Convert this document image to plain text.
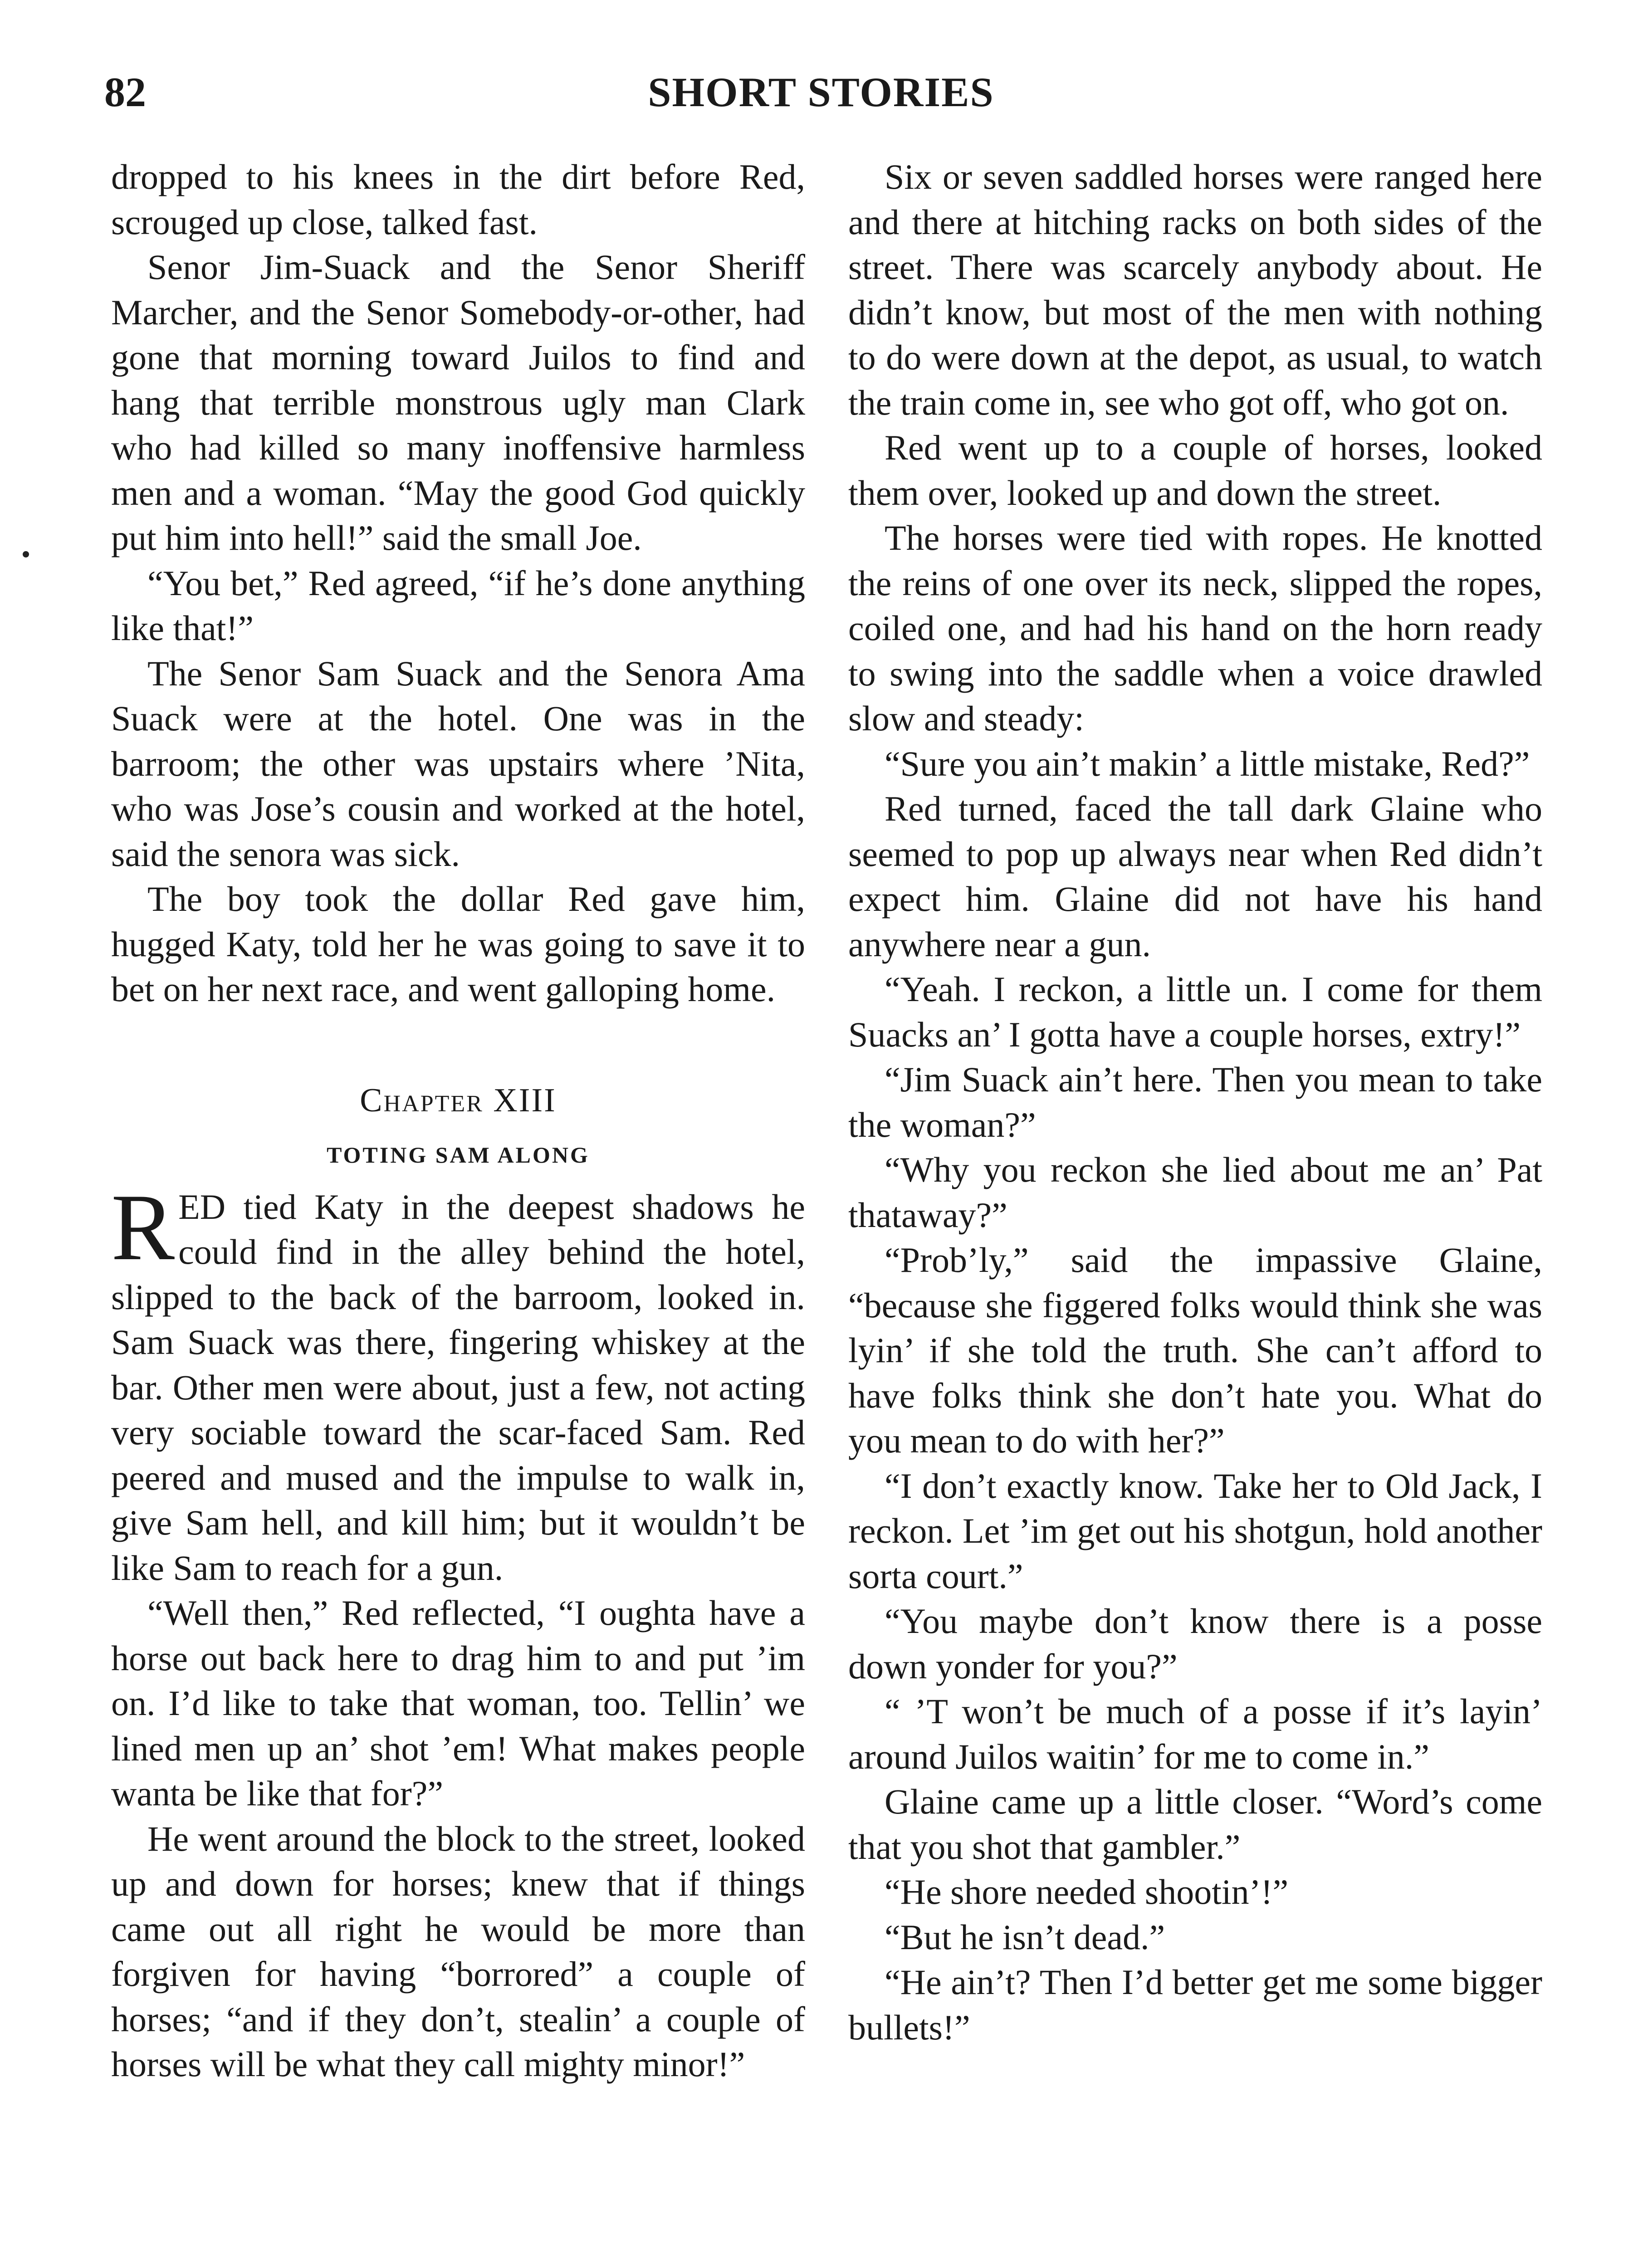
82	SHORT STORIES

dropped to his knees in the dirt before Red, scrouged up close, talked fast.

Senor Jim-Suack and the Senor Sheriff Marcher, and the Senor Somebody-or-other, had gone that morning toward Juilos to find and hang that terrible monstrous ugly man Clark who had killed so many inoffensive harmless men and a woman. “May the good God quickly put him into hell!” said the small Joe.

“You bet,” Red agreed, “if he’s done anything like that!”

The Senor Sam Suack and the Senora Ama Suack were at the hotel. One was in the barroom; the other was upstairs where ’Nita, who was Jose’s cousin and worked at the hotel, said the senora was sick.

The boy took the dollar Red gave him, hugged Katy, told her he was going to save it to bet on her next race, and went galloping home.

Chapter XIII
TOTING SAM ALONG

RED tied Katy in the deepest shadows he could find in the alley behind the hotel, slipped to the back of the barroom, looked in. Sam Suack was there, fingering whiskey at the bar. Other men were about, just a few, not acting very sociable toward the scar-faced Sam. Red peered and mused and the impulse to walk in, give Sam hell, and kill him; but it wouldn’t be like Sam to reach for a gun.

“Well then,” Red reflected, “I oughta have a horse out back here to drag him to and put ’im on. I’d like to take that woman, too. Tellin’ we lined men up an’ shot ’em! What makes people wanta be like that for?”

He went around the block to the street, looked up and down for horses; knew that if things came out all right he would be more than forgiven for having “borrored” a couple of horses; “and if they don’t, stealin’ a couple of horses will be what they call mighty minor!”

Six or seven saddled horses were ranged here and there at hitching racks on both sides of the street. There was scarcely anybody about. He didn’t know, but most of the men with nothing to do were down at the depot, as usual, to watch the train come in, see who got off, who got on.

Red went up to a couple of horses, looked them over, looked up and down the street.

The horses were tied with ropes. He knotted the reins of one over its neck, slipped the ropes, coiled one, and had his hand on the horn ready to swing into the saddle when a voice drawled slow and steady:

“Sure you ain’t makin’ a little mistake, Red?”

Red turned, faced the tall dark Glaine who seemed to pop up always near when Red didn’t expect him. Glaine did not have his hand anywhere near a gun.

“Yeah. I reckon, a little un. I come for them Suacks an’ I gotta have a couple horses, extry!”

“Jim Suack ain’t here. Then you mean to take the woman?”

“Why you reckon she lied about me an’ Pat thataway?”

“Prob’ly,” said the impassive Glaine, “because she figgered folks would think she was lyin’ if she told the truth. She can’t afford to have folks think she don’t hate you. What do you mean to do with her?”

“I don’t exactly know. Take her to Old Jack, I reckon. Let ’im get out his shotgun, hold another sorta court.”

“You maybe don’t know there is a posse down yonder for you?”

“ ’T won’t be much of a posse if it’s layin’ around Juilos waitin’ for me to come in.”

Glaine came up a little closer. “Word’s come that you shot that gambler.”

“He shore needed shootin’!”

“But he isn’t dead.”

“He ain’t? Then I’d better get me some bigger bullets!”
